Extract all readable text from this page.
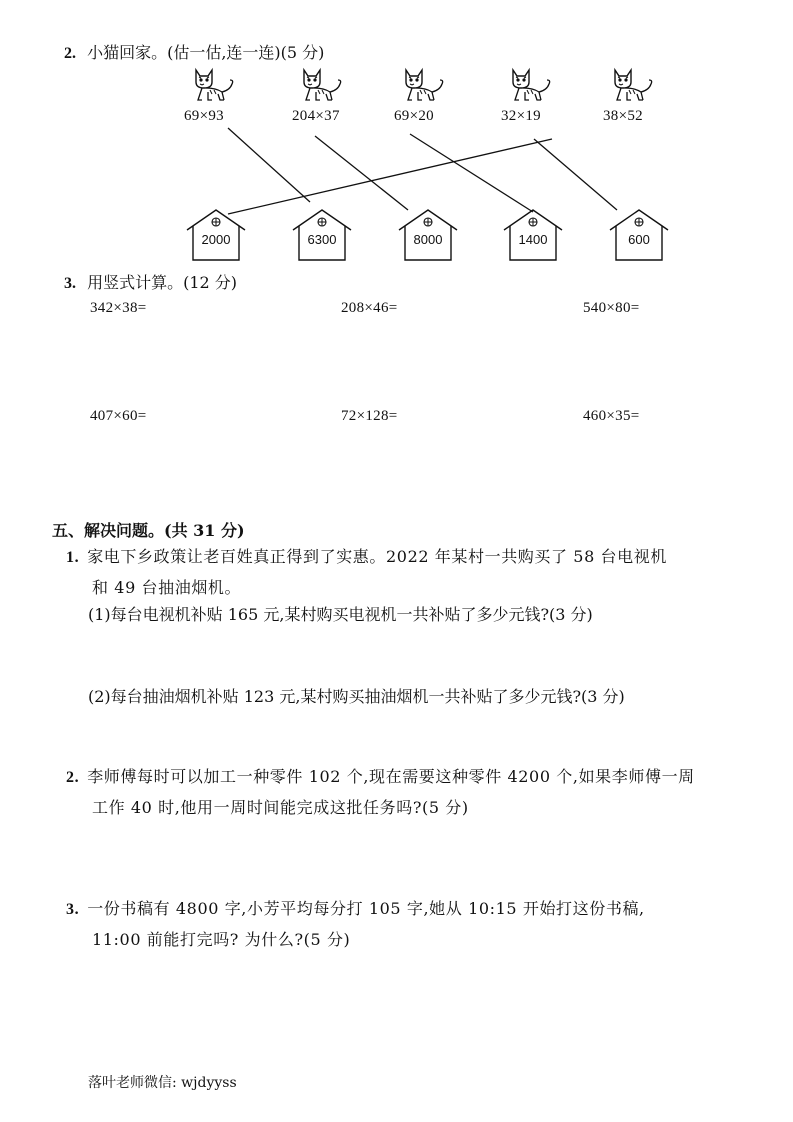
2. 小猫回家。(估一估,连一连)(5 分)
69×93	204×37	69×20	32×19	38×52
2000	6300	8000	1400	600
3. 用竖式计算。(12 分)
342×38=	208×46=	540×80=
407×60=	72×128=	460×35=
五、解决问题。(共 31 分)
1. 家电下乡政策让老百姓真正得到了实惠。2022 年某村一共购买了 58 台电视机
和 49 台抽油烟机。
(1)每台电视机补贴 165 元,某村购买电视机一共补贴了多少元钱?(3 分)
(2)每台抽油烟机补贴 123 元,某村购买抽油烟机一共补贴了多少元钱?(3 分)
2. 李师傅每时可以加工一种零件 102 个,现在需要这种零件 4200 个,如果李师傅一周
工作 40 时,他用一周时间能完成这批任务吗?(5 分)
3. 一份书稿有 4800 字,小芳平均每分打 105 字,她从 10:15 开始打这份书稿,
11:00 前能打完吗? 为什么?(5 分)
落叶老师微信: wjdyyss
